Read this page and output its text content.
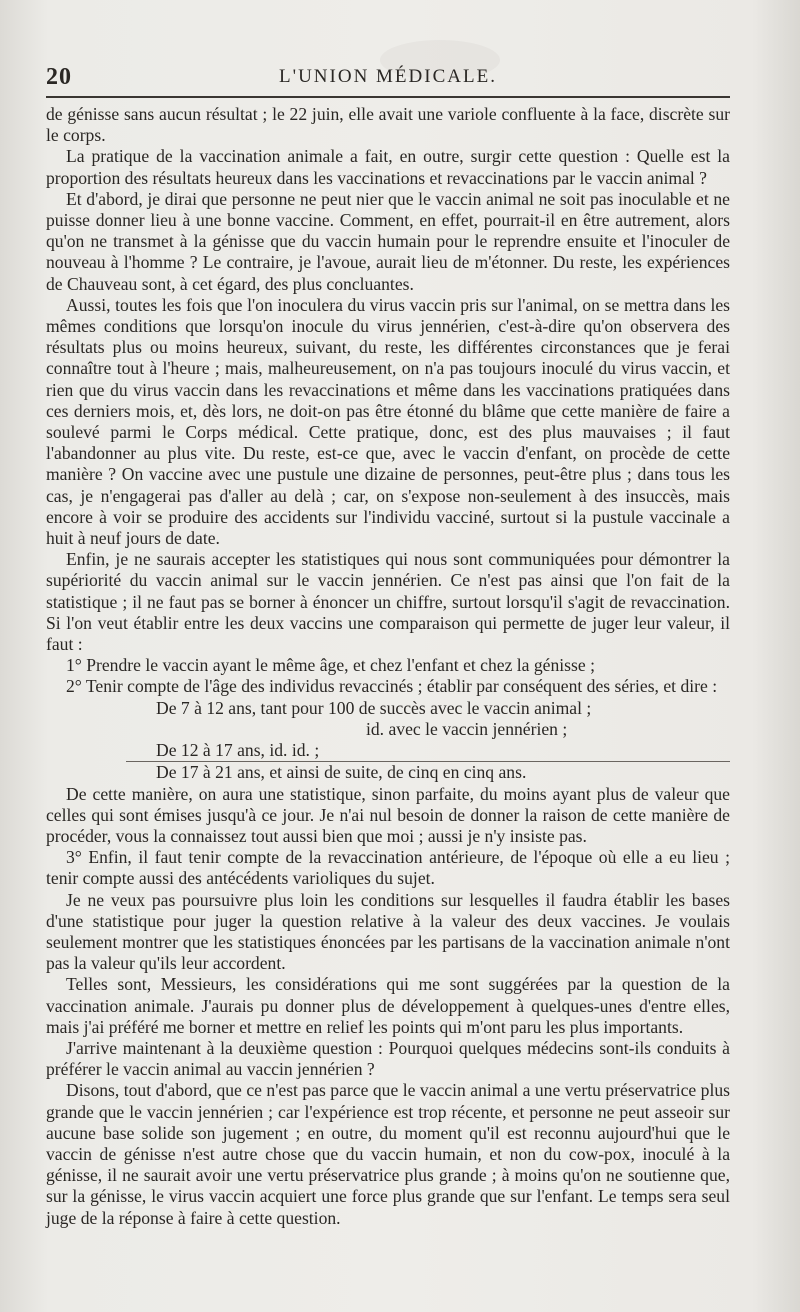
20	L'UNION MÉDICALE.

de génisse sans aucun résultat ; le 22 juin, elle avait une variole confluente à la face, discrète sur le corps.

La pratique de la vaccination animale a fait, en outre, surgir cette question : Quelle est la proportion des résultats heureux dans les vaccinations et revaccinations par le vaccin animal ?

Et d'abord, je dirai que personne ne peut nier que le vaccin animal ne soit pas inoculable et ne puisse donner lieu à une bonne vaccine. Comment, en effet, pourrait-il en être autrement, alors qu'on ne transmet à la génisse que du vaccin humain pour le reprendre ensuite et l'inoculer de nouveau à l'homme ? Le contraire, je l'avoue, aurait lieu de m'étonner. Du reste, les expériences de Chauveau sont, à cet égard, des plus concluantes.

Aussi, toutes les fois que l'on inoculera du virus vaccin pris sur l'animal, on se mettra dans les mêmes conditions que lorsqu'on inocule du virus jennérien, c'est-à-dire qu'on observera des résultats plus ou moins heureux, suivant, du reste, les différentes circonstances que je ferai connaître tout à l'heure ; mais, malheureusement, on n'a pas toujours inoculé du virus vaccin, et rien que du virus vaccin dans les revaccinations et même dans les vaccinations pratiquées dans ces derniers mois, et, dès lors, ne doit-on pas être étonné du blâme que cette manière de faire a soulevé parmi le Corps médical. Cette pratique, donc, est des plus mauvaises ; il faut l'abandonner au plus vite. Du reste, est-ce que, avec le vaccin d'enfant, on procède de cette manière ? On vaccine avec une pustule une dizaine de personnes, peut-être plus ; dans tous les cas, je n'engagerai pas d'aller au delà ; car, on s'expose non-seulement à des insuccès, mais encore à voir se produire des accidents sur l'individu vacciné, surtout si la pustule vaccinale a huit à neuf jours de date.

Enfin, je ne saurais accepter les statistiques qui nous sont communiquées pour démontrer la supériorité du vaccin animal sur le vaccin jennérien. Ce n'est pas ainsi que l'on fait de la statistique ; il ne faut pas se borner à énoncer un chiffre, surtout lorsqu'il s'agit de revaccination. Si l'on veut établir entre les deux vaccins une comparaison qui permette de juger leur valeur, il faut :

1° Prendre le vaccin ayant le même âge, et chez l'enfant et chez la génisse ;

2° Tenir compte de l'âge des individus revaccinés ; établir par conséquent des séries, et dire :

De 7 à 12 ans, tant pour 100 de succès avec le vaccin animal ;

id. avec le vaccin jennérien ;

De 12 à 17 ans, id. id. ;

De 17 à 21 ans, et ainsi de suite, de cinq en cinq ans.

De cette manière, on aura une statistique, sinon parfaite, du moins ayant plus de valeur que celles qui sont émises jusqu'à ce jour. Je n'ai nul besoin de donner la raison de cette manière de procéder, vous la connaissez tout aussi bien que moi ; aussi je n'y insiste pas.

3° Enfin, il faut tenir compte de la revaccination antérieure, de l'époque où elle a eu lieu ; tenir compte aussi des antécédents varioliques du sujet.

Je ne veux pas poursuivre plus loin les conditions sur lesquelles il faudra établir les bases d'une statistique pour juger la question relative à la valeur des deux vaccines. Je voulais seulement montrer que les statistiques énoncées par les partisans de la vaccination animale n'ont pas la valeur qu'ils leur accordent.

Telles sont, Messieurs, les considérations qui me sont suggérées par la question de la vaccination animale. J'aurais pu donner plus de développement à quelques-unes d'entre elles, mais j'ai préféré me borner et mettre en relief les points qui m'ont paru les plus importants.

J'arrive maintenant à la deuxième question : Pourquoi quelques médecins sont-ils conduits à préférer le vaccin animal au vaccin jennérien ?

Disons, tout d'abord, que ce n'est pas parce que le vaccin animal a une vertu préservatrice plus grande que le vaccin jennérien ; car l'expérience est trop récente, et personne ne peut asseoir sur aucune base solide son jugement ; en outre, du moment qu'il est reconnu aujourd'hui que le vaccin de génisse n'est autre chose que du vaccin humain, et non du cow-pox, inoculé à la génisse, il ne saurait avoir une vertu préservatrice plus grande ; à moins qu'on ne soutienne que, sur la génisse, le virus vaccin acquiert une force plus grande que sur l'enfant. Le temps sera seul juge de la réponse à faire à cette question.
